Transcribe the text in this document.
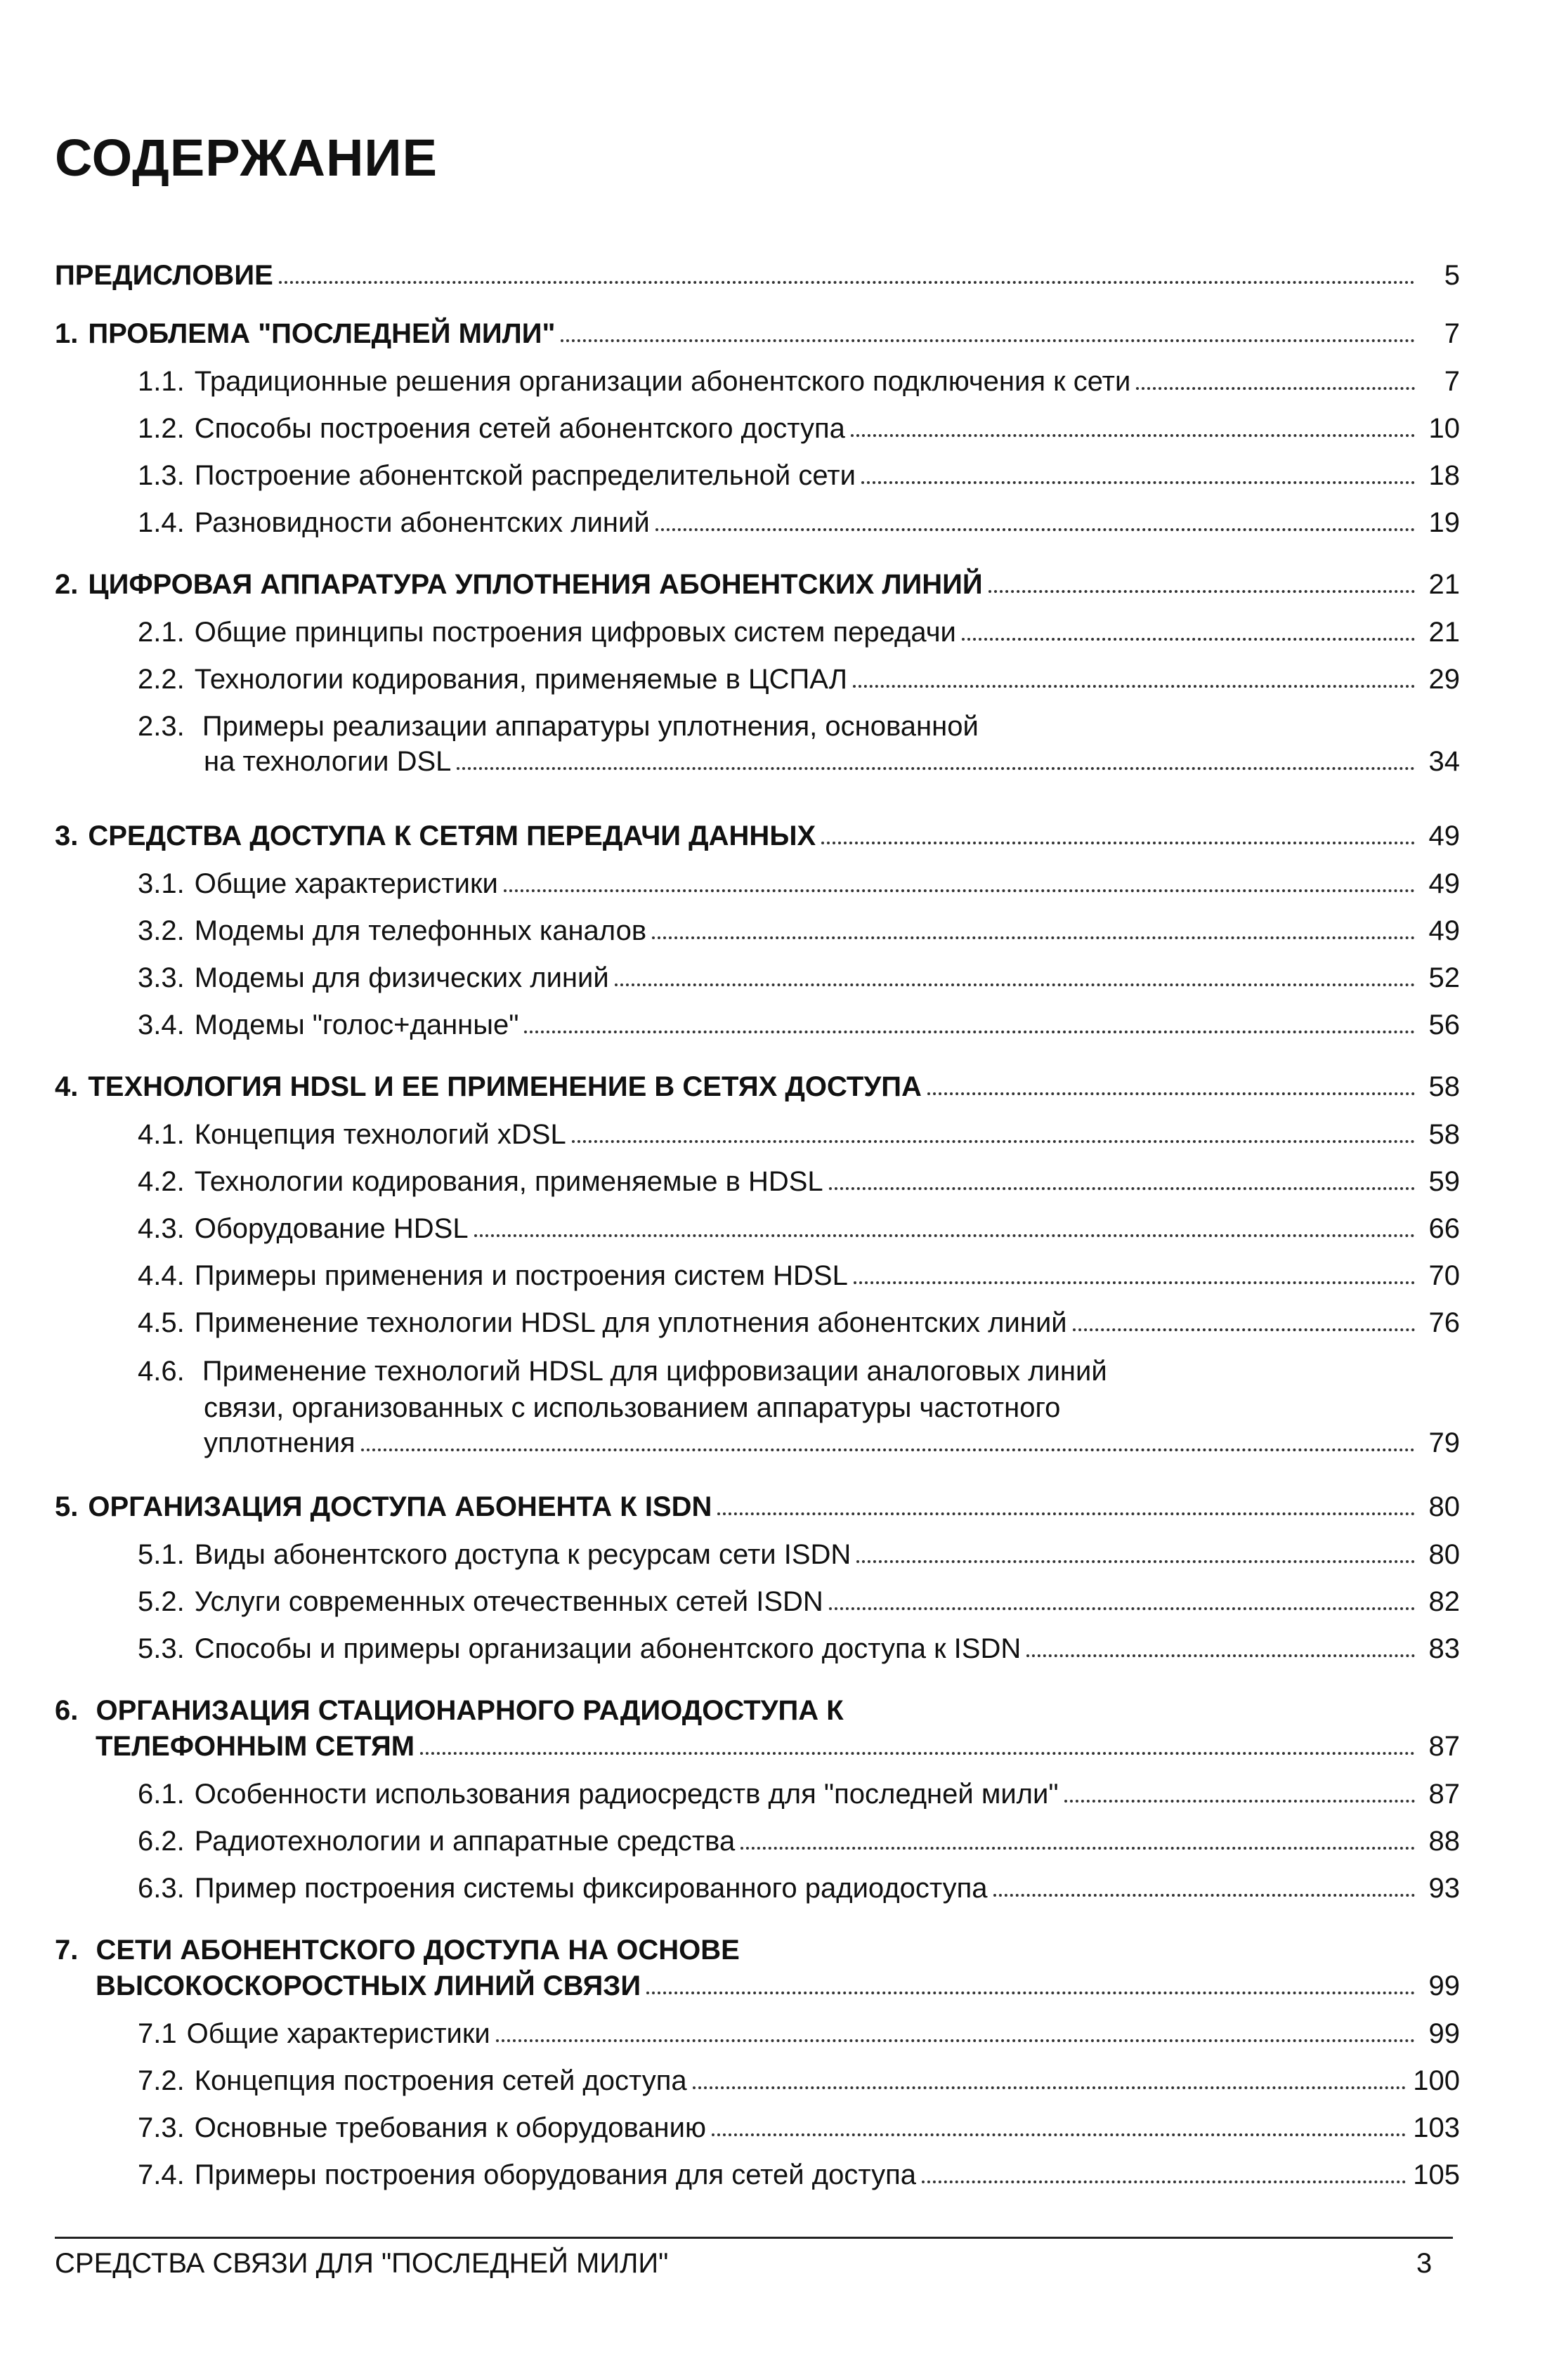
СОДЕРЖАНИЕ
ПРЕДИСЛОВИЕ	5
1. ПРОБЛЕМА "ПОСЛЕДНЕЙ МИЛИ"	7
1.1. Традиционные решения организации абонентского подключения к сети	7
1.2. Способы построения сетей абонентского доступа	10
1.3. Построение абонентской распределительной сети	18
1.4. Разновидности абонентских линий	19
2. ЦИФРОВАЯ АППАРАТУРА УПЛОТНЕНИЯ АБОНЕНТСКИХ ЛИНИЙ	21
2.1. Общие принципы построения цифровых систем передачи	21
2.2. Технологии кодирования, применяемые в ЦСПАЛ	29
2.3. Примеры реализации аппаратуры уплотнения, основанной
на технологии DSL	34
3. СРЕДСТВА ДОСТУПА К СЕТЯМ ПЕРЕДАЧИ ДАННЫХ	49
3.1. Общие характеристики	49
3.2. Модемы для телефонных каналов	49
3.3. Модемы для физических линий	52
3.4. Модемы "голос+данные"	56
4. ТЕХНОЛОГИЯ HDSL И ЕЕ ПРИМЕНЕНИЕ В СЕТЯХ ДОСТУПА	58
4.1. Концепция технологий xDSL	58
4.2. Технологии кодирования, применяемые в HDSL	59
4.3. Оборудование HDSL	66
4.4. Примеры применения и построения систем HDSL	70
4.5. Применение технологии HDSL для уплотнения абонентских линий	76
4.6. Применение технологий HDSL для цифровизации аналоговых линий
связи, организованных с использованием аппаратуры частотного
уплотнения	79
5. ОРГАНИЗАЦИЯ ДОСТУПА АБОНЕНТА К ISDN	80
5.1. Виды абонентского доступа к ресурсам сети ISDN	80
5.2. Услуги современных отечественных сетей ISDN	82
5.3. Способы и примеры организации абонентского доступа к ISDN	83
6. ОРГАНИЗАЦИЯ СТАЦИОНАРНОГО РАДИОДОСТУПА К
ТЕЛЕФОННЫМ СЕТЯМ	87
6.1. Особенности использования радиосредств для "последней мили"	87
6.2. Радиотехнологии и аппаратные средства	88
6.3. Пример построения системы фиксированного радиодоступа	93
7. СЕТИ АБОНЕНТСКОГО ДОСТУПА НА ОСНОВЕ
ВЫСОКОСКОРОСТНЫХ ЛИНИЙ СВЯЗИ	99
7.1 Общие характеристики	99
7.2. Концепция построения сетей доступа	100
7.3. Основные требования к оборудованию	103
7.4. Примеры построения оборудования для сетей доступа	105
СРЕДСТВА СВЯЗИ ДЛЯ "ПОСЛЕДНЕЙ МИЛИ"	3
